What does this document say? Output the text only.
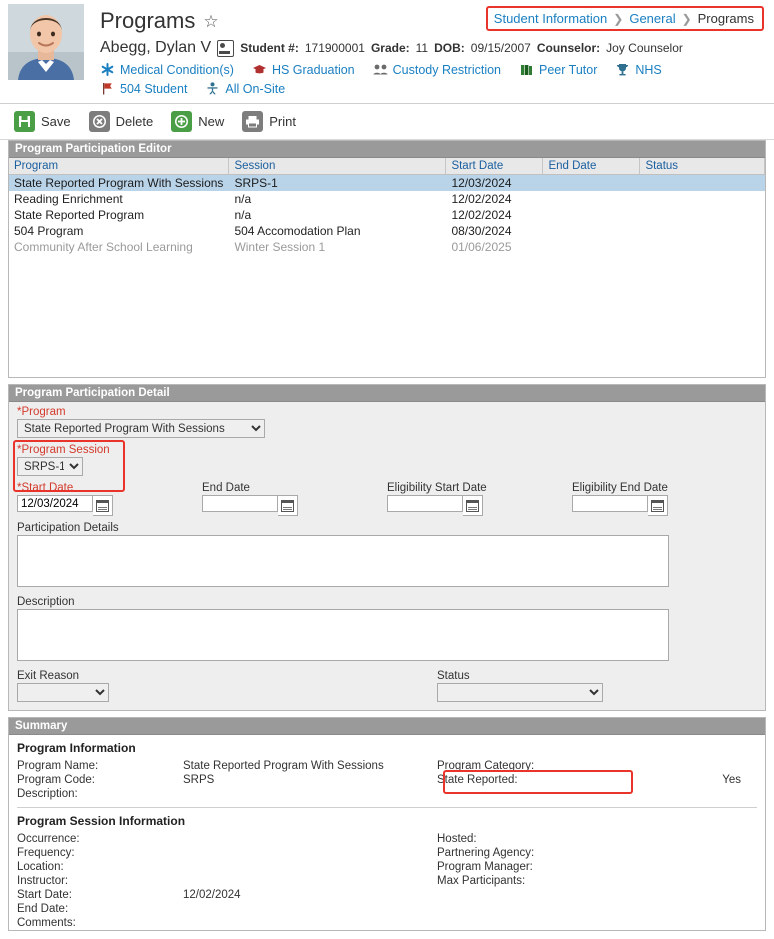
Student Information ❯ General ❯ Programs
Programs ☆
Abegg, Dylan V Student #: 171900001 Grade: 11 DOB: 09/15/2007 Counselor: Joy Counselor
Medical Condition(s)	HS Graduation	Custody Restriction	Peer Tutor	NHS
504 Student	All On-Site
Save	Delete	New	Print
Program Participation Editor
Program	Session	Start Date	End Date	Status
State Reported Program With Sessions	SRPS-1	12/03/2024		
Reading Enrichment	n/a	12/02/2024		
State Reported Program	n/a	12/02/2024		
504 Program	504 Accomodation Plan	08/30/2024		
Community After School Learning	Winter Session 1	01/06/2025		

Program Participation Detail
*Program
State Reported Program With Sessions
*Program Session
SRPS-1
*Start Date
12/03/2024	End Date	Eligibility Start Date	Eligibility End Date
Participation Details
Description
Exit Reason	Status
Summary
Program Information
Program Name:	State Reported Program With Sessions	Program Category:	
Program Code:	SRPS	State Reported:	Yes

Description:			
Program Session Information
Occurrence:		Hosted:	
Frequency:		Partnering Agency:	
Location:		Program Manager:	
Instructor:		Max Participants:	
Start Date:	12/02/2024		
End Date:			
Comments:			
